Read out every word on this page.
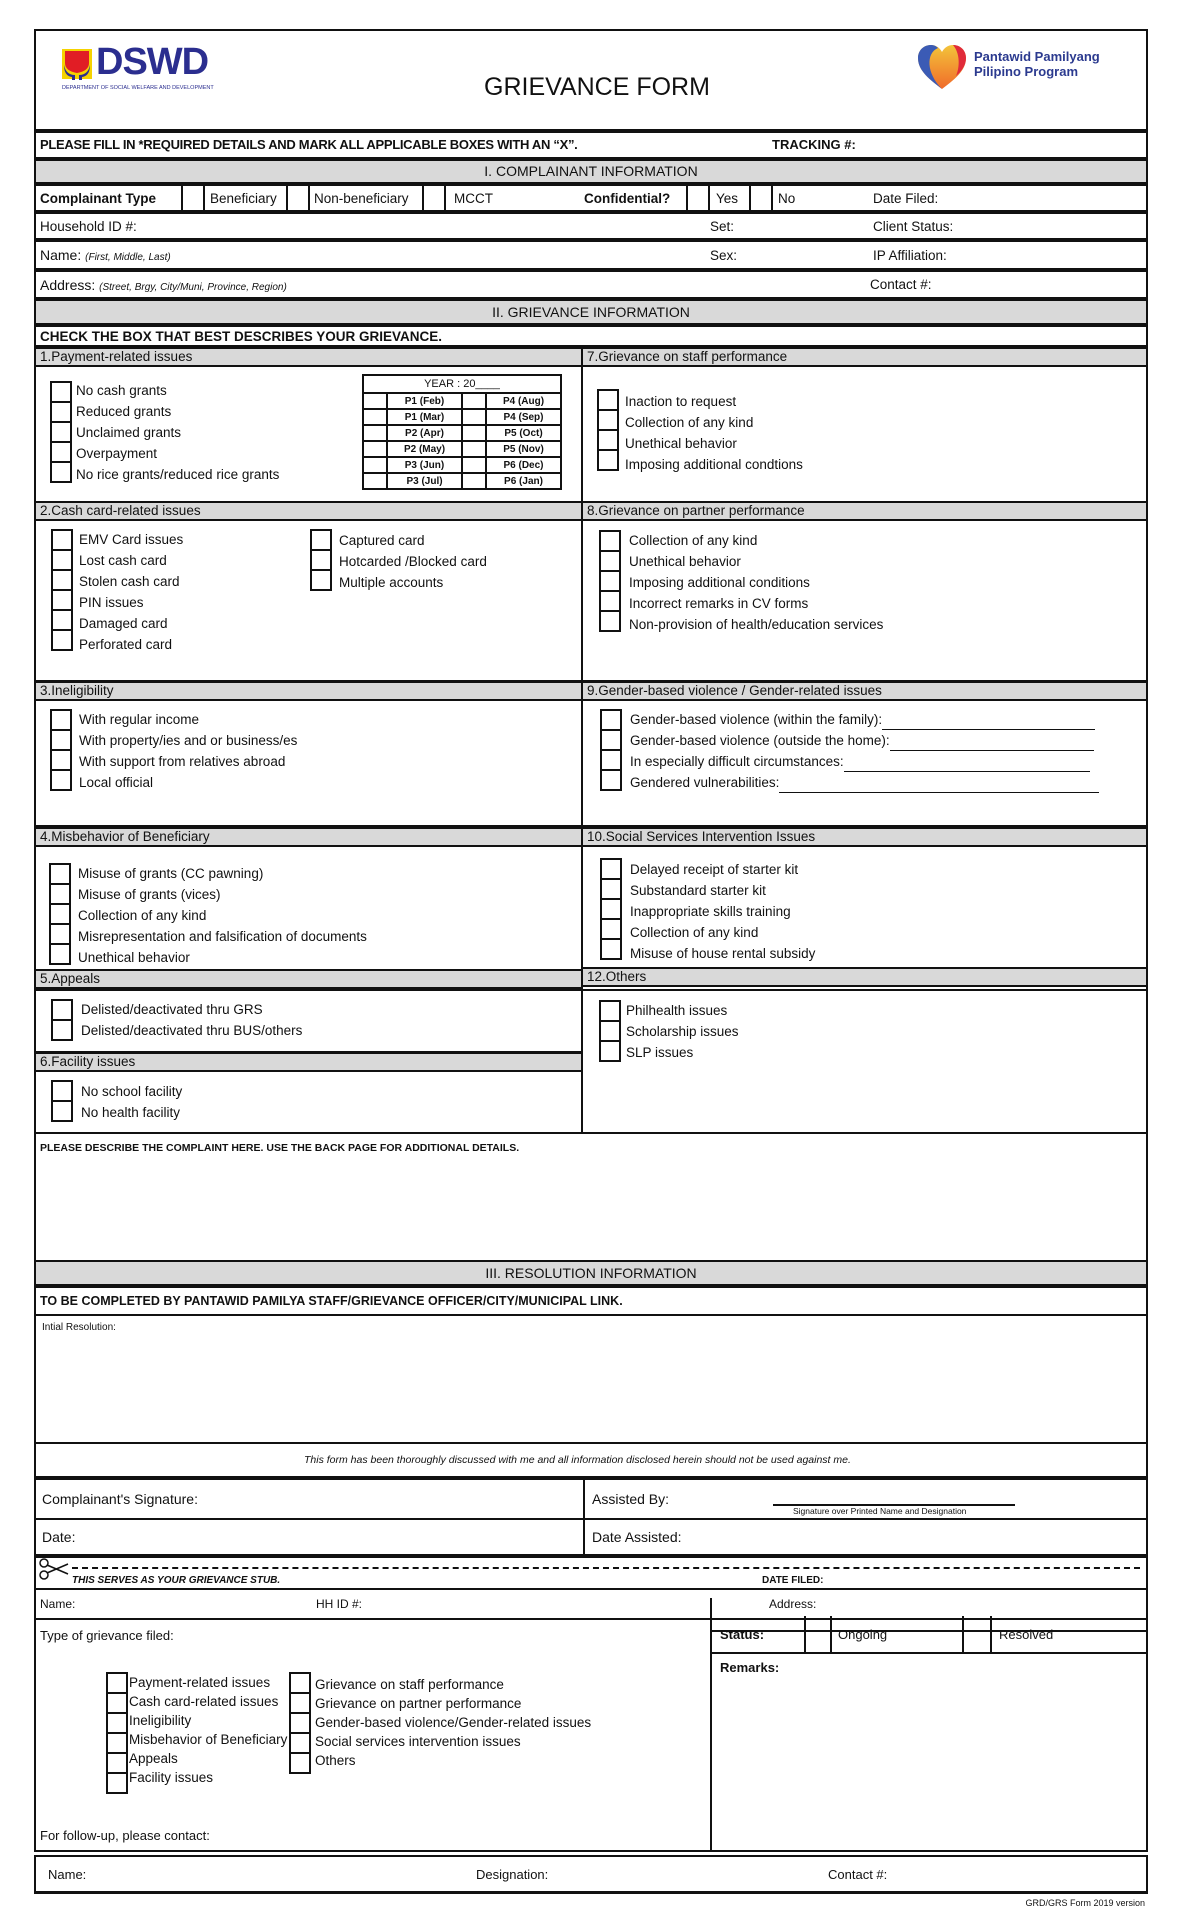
DSWD
DEPARTMENT OF SOCIAL WELFARE AND DEVELOPMENT	GRIEVANCE FORM
Pantawid Pamilyang
Pilipino Program
PLEASE FILL IN *REQUIRED DETAILS AND MARK ALL APPLICABLE BOXES WITH AN “X”.	TRACKING #:
I. COMPLAINANT INFORMATION
Complainant Type	Beneficiary	Non-beneficiary	MCCT	Confidential?	Yes	No	Date Filed:
Household ID #:	Set:	Client Status:
Name: (First, Middle, Last)	Sex:	IP Affiliation:
Address: (Street, Brgy, City/Muni, Province, Region)	Contact #:
II. GRIEVANCE INFORMATION
CHECK THE BOX THAT BEST DESCRIBES YOUR GRIEVANCE.
1.Payment-related issues
No cash grants
Reduced grants
Unclaimed grants
Overpayment
No rice grants/reduced rice grants
YEAR : 20____			
	P1 (Feb)		P4 (Aug)
	P1 (Mar)		P4 (Sep)
	P2 (Apr)		P5 (Oct)
	P2 (May)		P5 (Nov)
	P3 (Jun)		P6 (Dec)
	P3 (Jul)		P6 (Jan)
7.Grievance on staff performance
Inaction to request
Collection of any kind
Unethical behavior
Imposing additional condtions
2.Cash card-related issues
EMV Card issues
Lost cash card
Stolen cash card
PIN issues
Damaged card
Perforated card
Captured card
Hotcarded /Blocked card
Multiple accounts
8.Grievance on partner performance
Collection of any kind
Unethical behavior
Imposing additional conditions
Incorrect remarks in CV forms
Non-provision of health/education services
3.Ineligibility
With regular income
With property/ies and or business/es
With support from relatives abroad
Local official
9.Gender-based violence / Gender-related issues
Gender-based violence (within the family):
Gender-based violence (outside the home):
In especially difficult circumstances:
Gendered vulnerabilities:
4.Misbehavior of Beneficiary
Misuse of grants (CC pawning)
Misuse of grants (vices)
Collection of any kind
Misrepresentation and falsification of documents
Unethical behavior
10.Social Services Intervention Issues
Delayed receipt of starter kit
Substandard starter kit
Inappropriate skills training
Collection of any kind
Misuse of house rental subsidy
5.Appeals
Delisted/deactivated thru GRS
Delisted/deactivated thru BUS/others
6.Facility issues
No school facility
No health facility
12.Others
Philhealth issues
Scholarship issues
SLP issues
PLEASE DESCRIBE THE COMPLAINT HERE. USE THE BACK PAGE FOR ADDITIONAL DETAILS.
III. RESOLUTION INFORMATION
TO BE COMPLETED BY PANTAWID PAMILYA STAFF/GRIEVANCE OFFICER/CITY/MUNICIPAL LINK.
Intial Resolution:
This form has been thoroughly discussed with me and all information disclosed herein should not be used against me.
Complainant's Signature:	Assisted By:
Signature over Printed Name and Designation
Date:	Date Assisted:
THIS SERVES AS YOUR GRIEVANCE STUB.	DATE FILED:
Name:	HH ID #:	Address:
Type of grievance filed:
Payment-related issues
Cash card-related issues
Ineligibility
Misbehavior of Beneficiary
Appeals
Facility issues
Grievance on staff performance
Grievance on partner performance
Gender-based violence/Gender-related issues
Social services intervention issues
Others
For follow-up, please contact:
Status:	Ongoing	Resolved
Remarks:
Name:	Designation:	Contact #:
GRD/GRS Form 2019 version
